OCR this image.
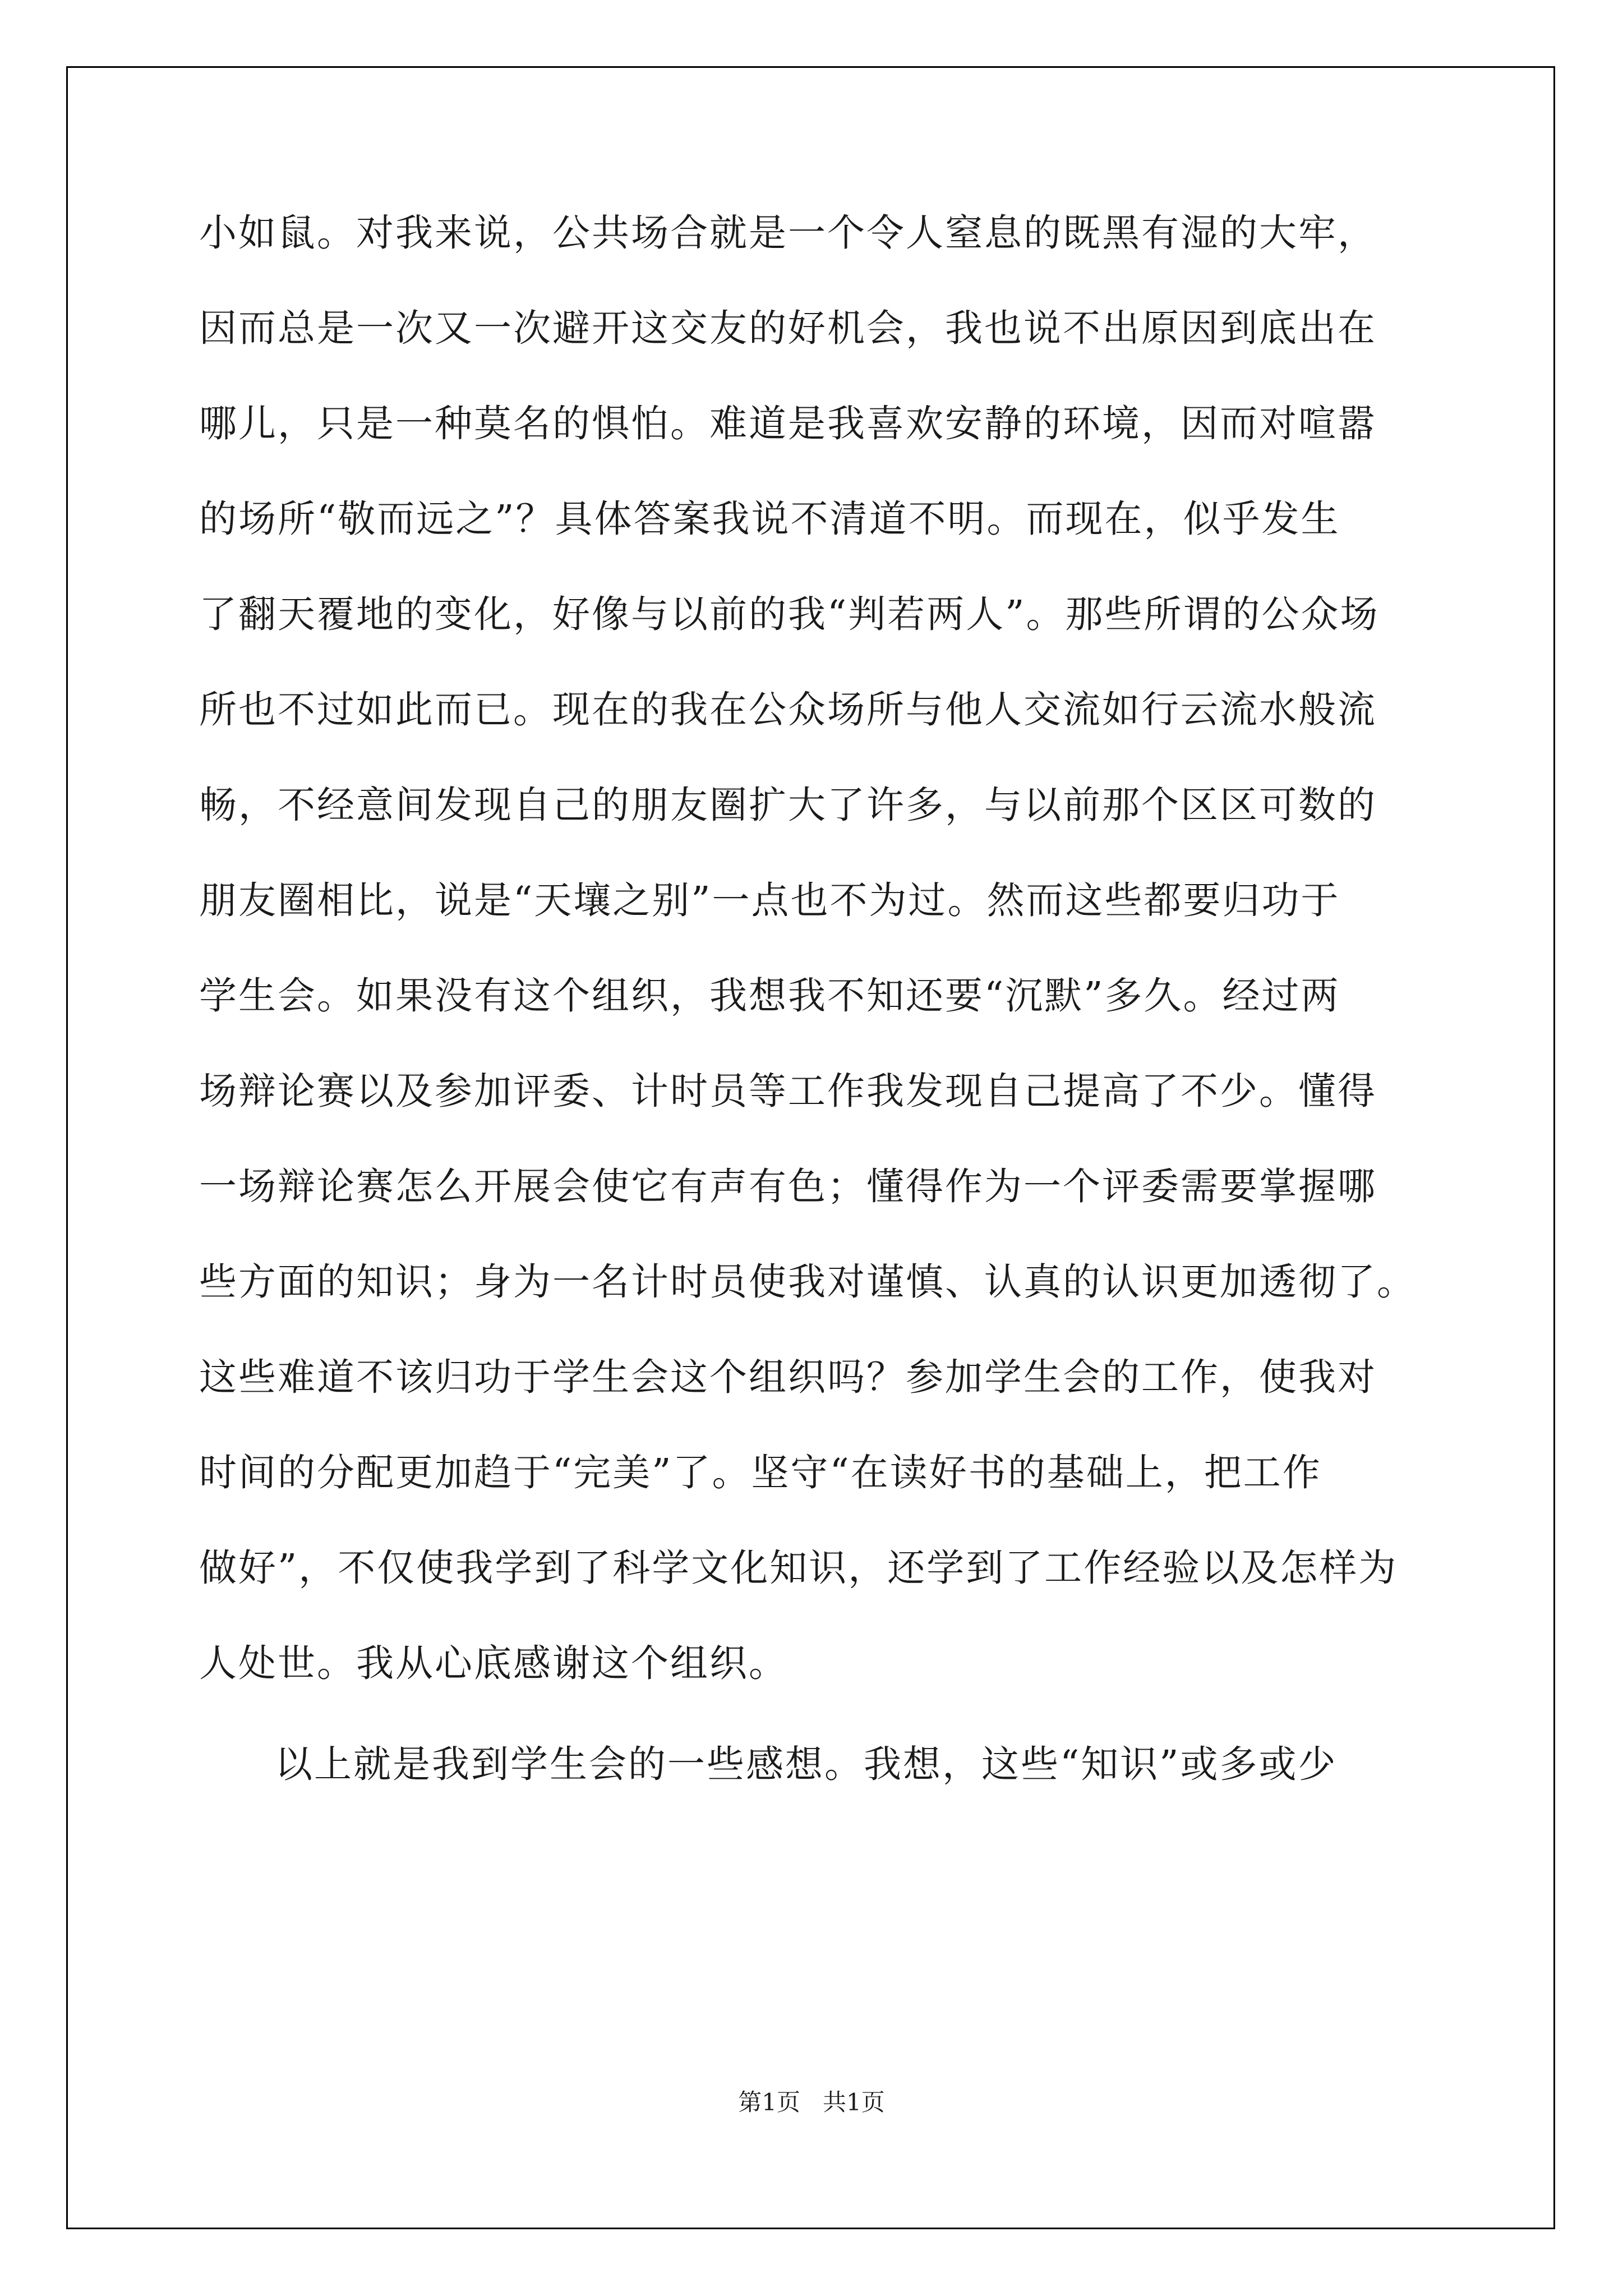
小如鼠。对我来说，公共场合就是一个令人窒息的既黑有湿的大牢，
因而总是一次又一次避开这交友的好机会，我也说不出原因到底出在
哪儿，只是一种莫名的惧怕。难道是我喜欢安静的环境，因而对喧嚣
的场所“敬而远之”？具体答案我说不清道不明。而现在，似乎发生
了翻天覆地的变化，好像与以前的我“判若两人”。那些所谓的公众场
所也不过如此而已。现在的我在公众场所与他人交流如行云流水般流
畅，不经意间发现自己的朋友圈扩大了许多，与以前那个区区可数的
朋友圈相比，说是“天壤之别”一点也不为过。然而这些都要归功于
学生会。如果没有这个组织，我想我不知还要“沉默”多久。经过两
场辩论赛以及参加评委、计时员等工作我发现自己提高了不少。懂得
一场辩论赛怎么开展会使它有声有色；懂得作为一个评委需要掌握哪
些方面的知识；身为一名计时员使我对谨慎、认真的认识更加透彻了。
这些难道不该归功于学生会这个组织吗？参加学生会的工作，使我对
时间的分配更加趋于“完美”了。坚守“在读好书的基础上，把工作
做好”，不仅使我学到了科学文化知识，还学到了工作经验以及怎样为
人处世。我从心底感谢这个组织。
以上就是我到学生会的一些感想。我想，这些“知识”或多或少
第1页   共1页
